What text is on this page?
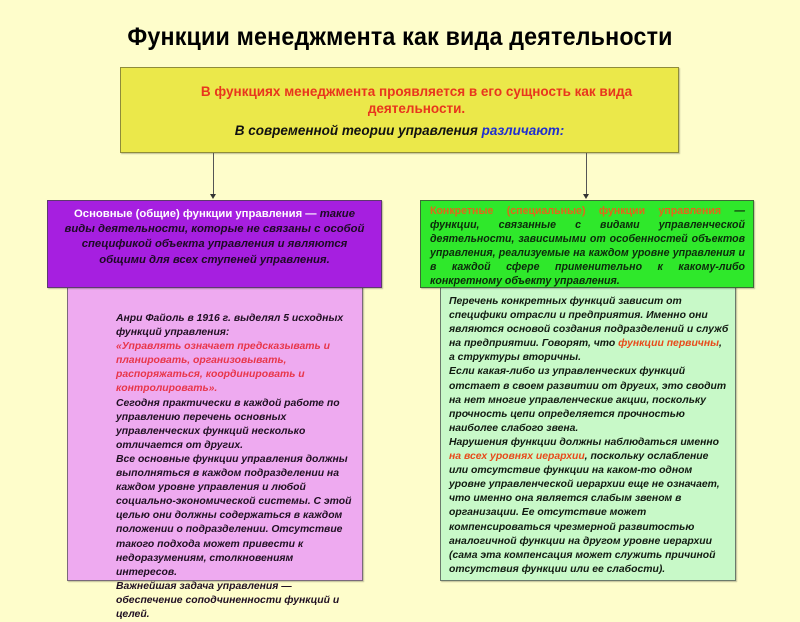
Функции менеджмента как вида деятельности
В функциях менеджмента проявляется в его сущность как вида деятельности.
В современной теории управления различают:

Анри Файоль в 1916 г. выделял 5 исходных функций управления:

«Управлять означает предсказывать и планировать, организовывать, распоряжаться, координировать и контролировать».

Сегодня практически в каждой работе по управлению перечень основных управленческих функций несколько отличается от других.

Все основные функции управления должны выполняться в каждом подразделении на каждом уровне управления и любой социально-экономической системы. С этой целью они должны содержаться в каждом положении о подразделении. Отсутствие такого подхода может привести к недоразумениям, столкновениям интересов.

Важнейшая задача управления — обеспечение соподчиненности функций и целей.

Основные (общие) функции управления — такие виды деятельности, которые не связаны с особой спецификой объекта управления и являются общими для всех ступеней управления.

Перечень конкретных функций зависит от специфики отрасли и предприятия. Именно они являются основой создания подразделений и служб на предприятии. Говорят, что функции первичны, а структуры вторичны.

Если какая-либо из управленческих функций отстает в своем развитии от других, это сводит на нет многие управленческие акции, поскольку прочность цепи определяется прочностью наиболее слабого звена.

Нарушения функции должны наблюдаться именно на всех уровнях иерархии, поскольку ослабление или отсутствие функции на каком-то одном уровне управленческой иерархии еще не означает, что именно она является слабым звеном в организации. Ее отсутствие может компенсироваться чрезмерной развитостью аналогичной функции на другом уровне иерархии (сама эта компенсация может служить причиной отсутствия функции или ее слабости).

Конкретные (специальные) функции управления — функции, связанные с видами управленческой деятельности, зависимыми от особенностей объектов управления, реализуемые на каждом уровне управления и в каждой сфере применительно к какому-либо конкретному объекту управления.
